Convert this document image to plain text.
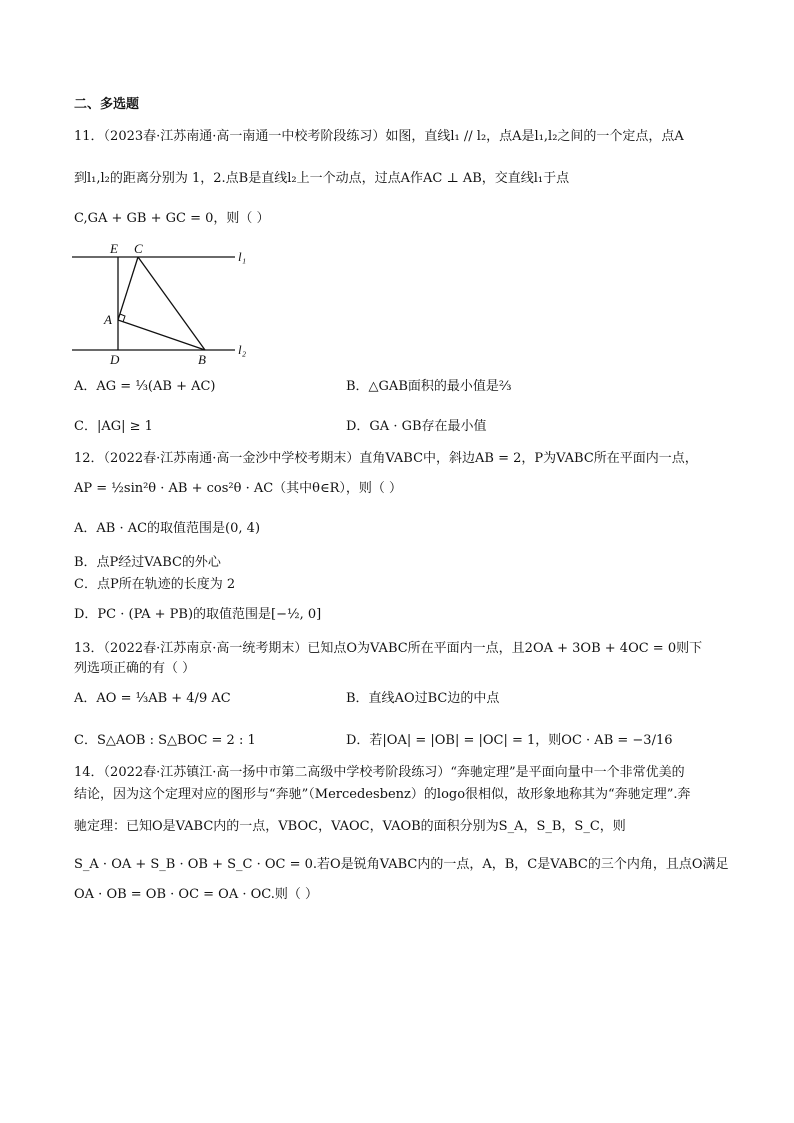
二、多选题
11．（2023春·江苏南通·高一南通一中校考阶段练习）如图，直线l₁ // l₂，点A是l₁,l₂之间的一个定点，点A
到l₁,l₂的距离分别为 1，2.点B是直线l₂上一个动点，过点A作AC ⊥ AB，交直线l₁于点
C,GA + GB + GC = 0，则（ ）
E C
A
D	B
l₁
l₂
A．AG = ⅓(AB + AC)	B．△GAB面积的最小值是⅔
C．|AG| ≥ 1	D．GA · GB存在最小值
12．（2022春·江苏南通·高一金沙中学校考期末）直角VABC中，斜边AB = 2，P为VABC所在平面内一点，
AP = ½sin²θ · AB + cos²θ · AC（其中θ∈R），则（ ）
A．AB · AC的取值范围是(0, 4)
B．点P经过VABC的外心
C．点P所在轨迹的长度为 2
D．PC · (PA + PB)的取值范围是[−½, 0]
13．（2022春·江苏南京·高一统考期末）已知点O为VABC所在平面内一点，且2OA + 3OB + 4OC = 0则下
列选项正确的有（ ）
A．AO = ⅓AB + 4/9 AC	B．直线AO过BC边的中点
C．S△AOB : S△BOC = 2 : 1	D．若|OA| = |OB| = |OC| = 1，则OC · AB = −3/16
14．（2022春·江苏镇江·高一扬中市第二高级中学校考阶段练习）“奔驰定理”是平面向量中一个非常优美的
结论，因为这个定理对应的图形与“奔驰”（Mercedesbenz）的logo很相似，故形象地称其为“奔驰定理”.奔
驰定理：已知O是VABC内的一点，VBOC，VAOC，VAOB的面积分别为S_A，S_B，S_C，则
S_A · OA + S_B · OB + S_C · OC = 0.若O是锐角VABC内的一点，A，B，C是VABC的三个内角，且点O满足
OA · OB = OB · OC = OA · OC.则（ ）
